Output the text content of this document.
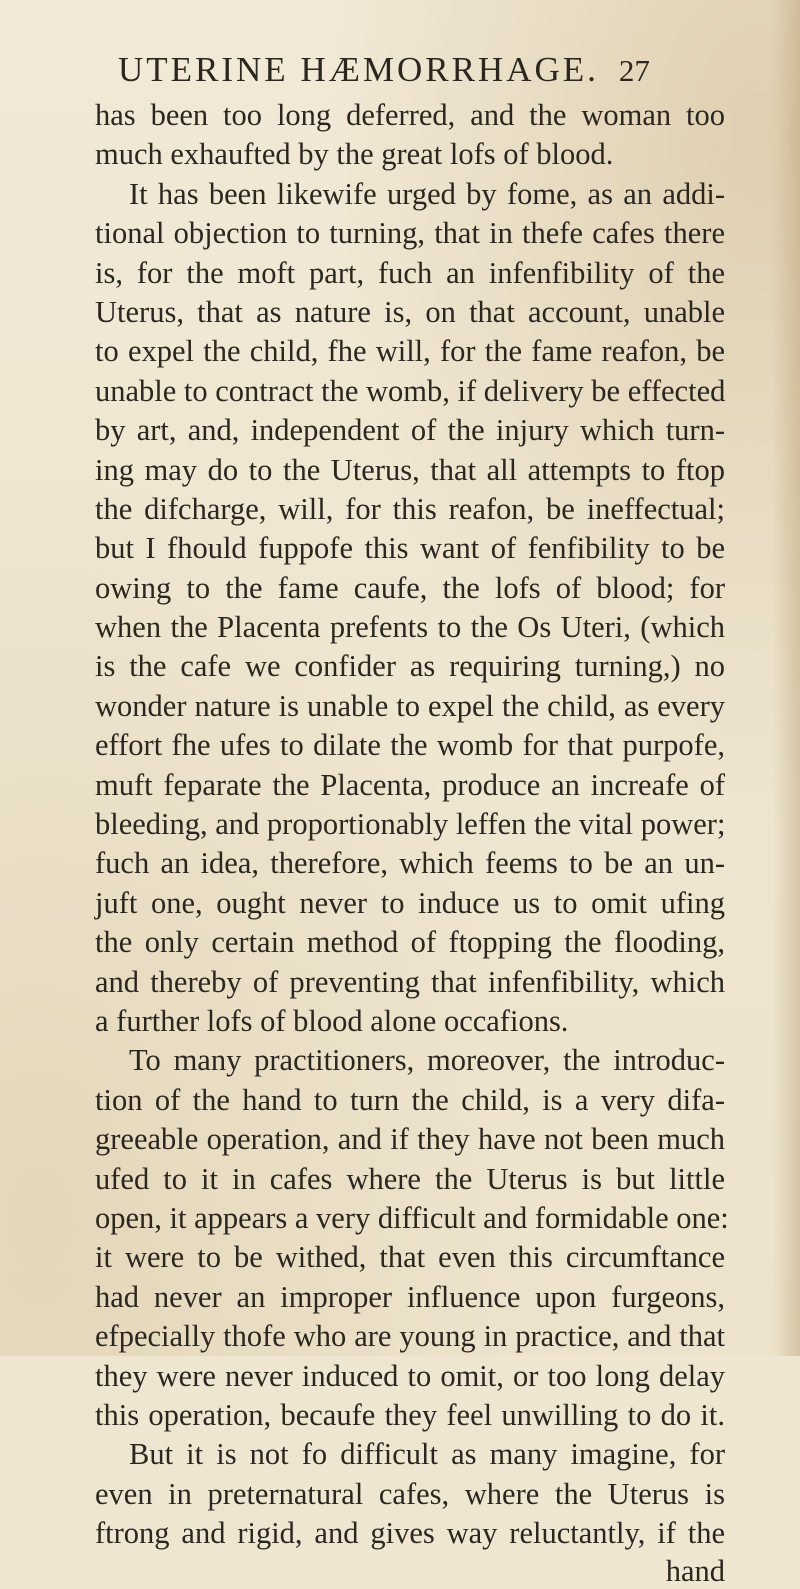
UTERINE HÆMORRHAGE. 27
has been too long deferred, and the woman too
much exhaufted by the great lofs of blood.
It has been likewife urged by fome, as an addi-
tional objection to turning, that in thefe cafes there
is, for the moft part, fuch an infenfibility of the
Uterus, that as nature is, on that account, unable
to expel the child, fhe will, for the fame reafon, be
unable to contract the womb, if delivery be effected
by art, and, independent of the injury which turn-
ing may do to the Uterus, that all attempts to ftop
the difcharge, will, for this reafon, be ineffectual;
but I fhould fuppofe this want of fenfibility to be
owing to the fame caufe, the lofs of blood; for
when the Placenta prefents to the Os Uteri, (which
is the cafe we confider as requiring turning,) no
wonder nature is unable to expel the child, as every
effort fhe ufes to dilate the womb for that purpofe,
muft feparate the Placenta, produce an increafe of
bleeding, and proportionably leffen the vital power;
fuch an idea, therefore, which feems to be an un-
juft one, ought never to induce us to omit ufing
the only certain method of ftopping the flooding,
and thereby of preventing that infenfibility, which
a further lofs of blood alone occafions.
To many practitioners, moreover, the introduc-
tion of the hand to turn the child, is a very difa-
greeable operation, and if they have not been much
ufed to it in cafes where the Uterus is but little
open, it appears a very difficult and formidable one:
it were to be withed, that even this circumftance
had never an improper influence upon furgeons,
efpecially thofe who are young in practice, and that
they were never induced to omit, or too long delay
this operation, becaufe they feel unwilling to do it.
But it is not fo difficult as many imagine, for
even in preternatural cafes, where the Uterus is
ftrong and rigid, and gives way reluctantly, if the
hand
